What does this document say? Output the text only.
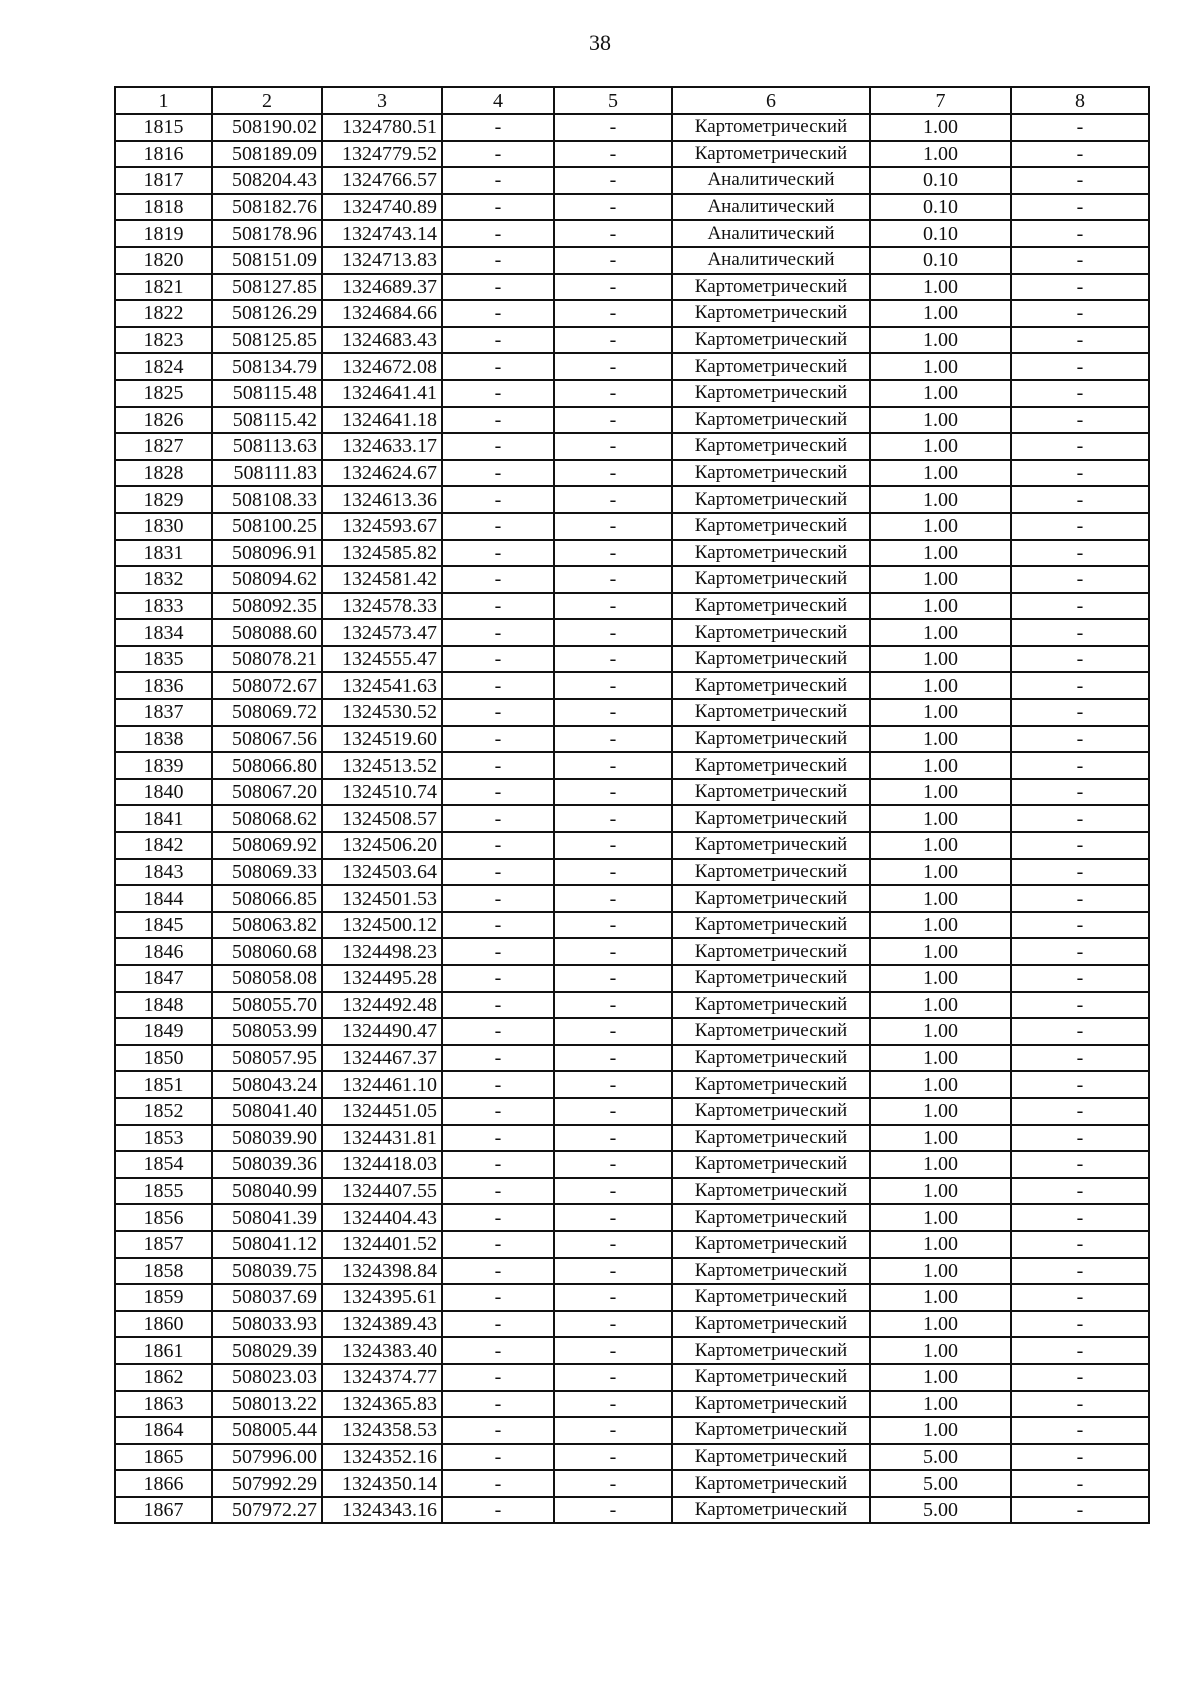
38
1	2	3	4	5	6	7	8
1815	508190.02	1324780.51	-	-	Картометрический	1.00	-
1816	508189.09	1324779.52	-	-	Картометрический	1.00	-
1817	508204.43	1324766.57	-	-	Аналитический	0.10	-
1818	508182.76	1324740.89	-	-	Аналитический	0.10	-
1819	508178.96	1324743.14	-	-	Аналитический	0.10	-
1820	508151.09	1324713.83	-	-	Аналитический	0.10	-
1821	508127.85	1324689.37	-	-	Картометрический	1.00	-
1822	508126.29	1324684.66	-	-	Картометрический	1.00	-
1823	508125.85	1324683.43	-	-	Картометрический	1.00	-
1824	508134.79	1324672.08	-	-	Картометрический	1.00	-
1825	508115.48	1324641.41	-	-	Картометрический	1.00	-
1826	508115.42	1324641.18	-	-	Картометрический	1.00	-
1827	508113.63	1324633.17	-	-	Картометрический	1.00	-
1828	508111.83	1324624.67	-	-	Картометрический	1.00	-
1829	508108.33	1324613.36	-	-	Картометрический	1.00	-
1830	508100.25	1324593.67	-	-	Картометрический	1.00	-
1831	508096.91	1324585.82	-	-	Картометрический	1.00	-
1832	508094.62	1324581.42	-	-	Картометрический	1.00	-
1833	508092.35	1324578.33	-	-	Картометрический	1.00	-
1834	508088.60	1324573.47	-	-	Картометрический	1.00	-
1835	508078.21	1324555.47	-	-	Картометрический	1.00	-
1836	508072.67	1324541.63	-	-	Картометрический	1.00	-
1837	508069.72	1324530.52	-	-	Картометрический	1.00	-
1838	508067.56	1324519.60	-	-	Картометрический	1.00	-
1839	508066.80	1324513.52	-	-	Картометрический	1.00	-
1840	508067.20	1324510.74	-	-	Картометрический	1.00	-
1841	508068.62	1324508.57	-	-	Картометрический	1.00	-
1842	508069.92	1324506.20	-	-	Картометрический	1.00	-
1843	508069.33	1324503.64	-	-	Картометрический	1.00	-
1844	508066.85	1324501.53	-	-	Картометрический	1.00	-
1845	508063.82	1324500.12	-	-	Картометрический	1.00	-
1846	508060.68	1324498.23	-	-	Картометрический	1.00	-
1847	508058.08	1324495.28	-	-	Картометрический	1.00	-
1848	508055.70	1324492.48	-	-	Картометрический	1.00	-
1849	508053.99	1324490.47	-	-	Картометрический	1.00	-
1850	508057.95	1324467.37	-	-	Картометрический	1.00	-
1851	508043.24	1324461.10	-	-	Картометрический	1.00	-
1852	508041.40	1324451.05	-	-	Картометрический	1.00	-
1853	508039.90	1324431.81	-	-	Картометрический	1.00	-
1854	508039.36	1324418.03	-	-	Картометрический	1.00	-
1855	508040.99	1324407.55	-	-	Картометрический	1.00	-
1856	508041.39	1324404.43	-	-	Картометрический	1.00	-
1857	508041.12	1324401.52	-	-	Картометрический	1.00	-
1858	508039.75	1324398.84	-	-	Картометрический	1.00	-
1859	508037.69	1324395.61	-	-	Картометрический	1.00	-
1860	508033.93	1324389.43	-	-	Картометрический	1.00	-
1861	508029.39	1324383.40	-	-	Картометрический	1.00	-
1862	508023.03	1324374.77	-	-	Картометрический	1.00	-
1863	508013.22	1324365.83	-	-	Картометрический	1.00	-
1864	508005.44	1324358.53	-	-	Картометрический	1.00	-
1865	507996.00	1324352.16	-	-	Картометрический	5.00	-
1866	507992.29	1324350.14	-	-	Картометрический	5.00	-
1867	507972.27	1324343.16	-	-	Картометрический	5.00	-
